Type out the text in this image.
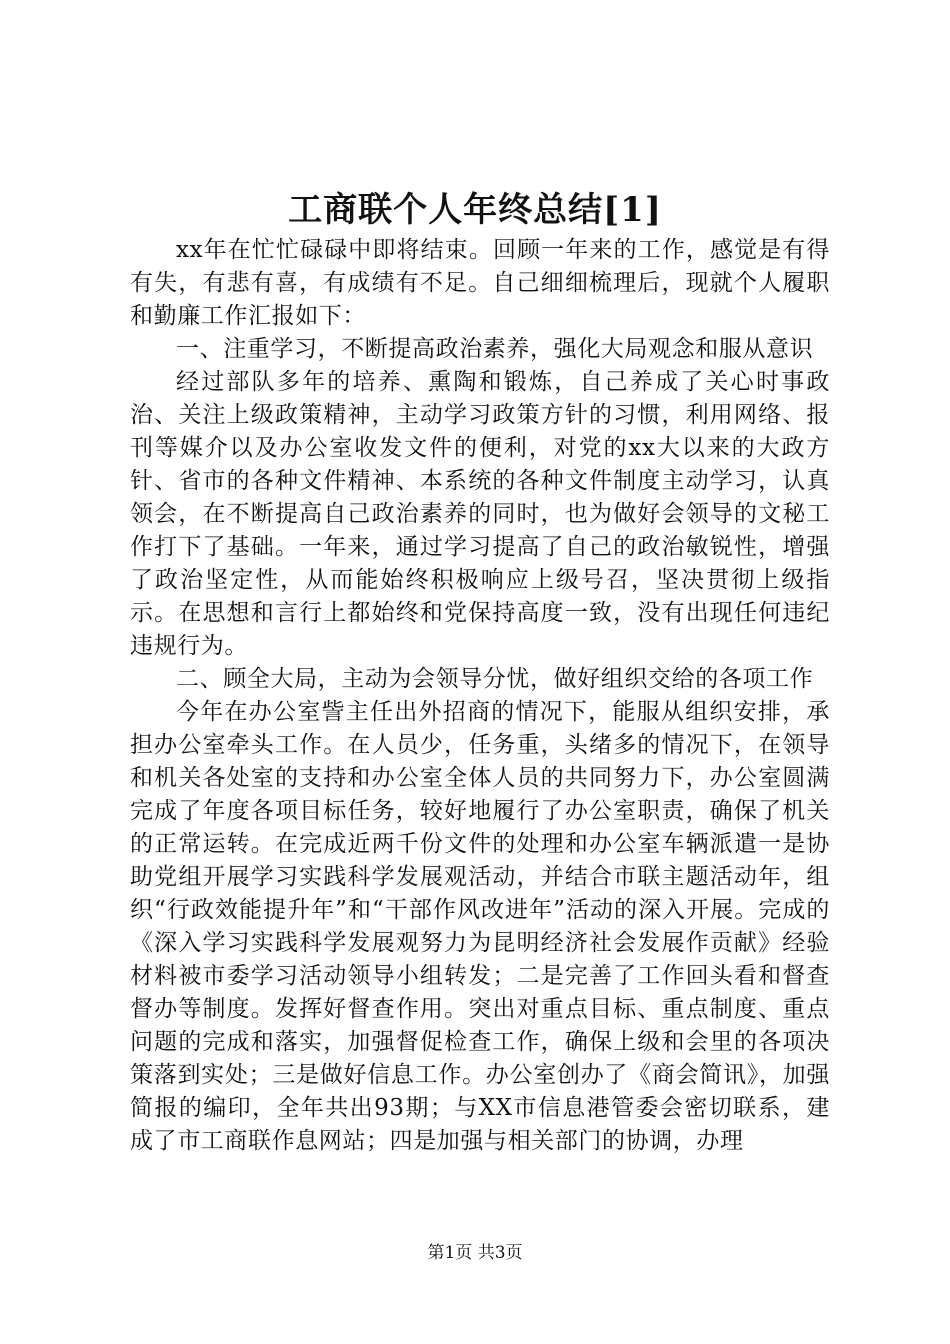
工商联个人年终总结[1]

xx年在忙忙碌碌中即将结束。回顾一年来的工作，感觉是有得有失，有悲有喜，有成绩有不足。自己细细梳理后，现就个人履职和勤廉工作汇报如下：

一、注重学习，不断提高政治素养，强化大局观念和服从意识

经过部队多年的培养、熏陶和锻炼，自己养成了关心时事政治、关注上级政策精神，主动学习政策方针的习惯，利用网络、报刊等媒介以及办公室收发文件的便利，对党的xx大以来的大政方针、省市的各种文件精神、本系统的各种文件制度主动学习，认真领会，在不断提高自己政治素养的同时，也为做好会领导的文秘工作打下了基础。一年来，通过学习提高了自己的政治敏锐性，增强了政治坚定性，从而能始终积极响应上级号召，坚决贯彻上级指示。在思想和言行上都始终和党保持高度一致，没有出现任何违纪违规行为。

二、顾全大局，主动为会领导分忧，做好组织交给的各项工作

今年在办公室訾主任出外招商的情况下，能服从组织安排，承担办公室牵头工作。在人员少，任务重，头绪多的情况下，在领导和机关各处室的支持和办公室全体人员的共同努力下，办公室圆满完成了年度各项目标任务，较好地履行了办公室职责，确保了机关的正常运转。在完成近两千份文件的处理和办公室车辆派遣一是协助党组开展学习实践科学发展观活动，并结合市联主题活动年，组织“行政效能提升年”和“干部作风改进年”活动的深入开展。完成的《深入学习实践科学发展观努力为昆明经济社会发展作贡献》经验材料被市委学习活动领导小组转发；二是完善了工作回头看和督查督办等制度。发挥好督查作用。突出对重点目标、重点制度、重点问题的完成和落实，加强督促检查工作，确保上级和会里的各项决策落到实处；三是做好信息工作。办公室创办了《商会简讯》，加强简报的编印，全年共出93期；与XX市信息港管委会密切联系，建成了市工商联作息网站；四是加强与相关部门的协调，办理

第1页 共3页
